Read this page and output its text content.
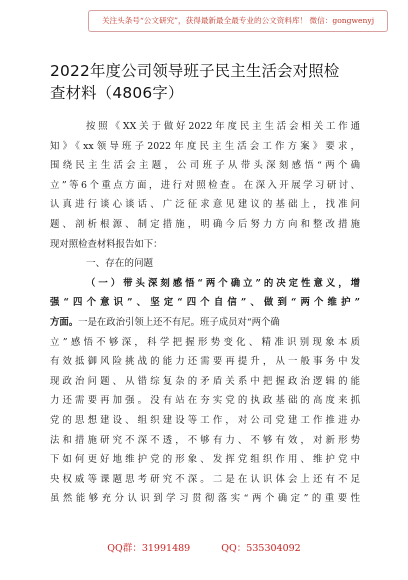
关注头条号“公文研究”，获得最新最全最专业的公文资料库！ 微信：gongwenyj
2022年度公司领导班子民主生活会对照检
查材料（4806字）
按照《XX关于做好2022年度民主生活会相关工作通
知》《xx领导班子2022年度民主生活会工作方案》要求，
围绕民主生活会主题，公司班子从带头深刻感悟“两个确
立”等6个重点方面，进行对照检查。在深入开展学习研讨、
认真进行谈心谈话、广泛征求意见建议的基础上，找准问
题、剖析根源、制定措施，明确今后努力方向和整改措施
现对照检查材料报告如下：
一、存在的问题
（一）带头深刻感悟“两个确立”的决定性意义，增
强“四个意识”、坚定“四个自信”、做到“两个维护”
方面。一是在政治引领上还不有尼。班子成员对“两个确
立”感悟不够深，科学把握形势变化、精准识别现象本质
有效抵御风险挑战的能力还需要再提升，从一般事务中发
现政治问题、从错综复杂的矛盾关系中把握政治逻辑的能
力还需要再加强。没有站在夯实党的执政基础的高度来抓
党的思想建设、组织建设等工作，对公司党建工作推进办
法和措施研究不深不透，不够有力、不够有效，对新形势
下如何更好地维护党的形象、发挥党组织作用、维护党中
央权威等课题思考研究不深。二是在认识体会上还有不足
虽然能够充分认识到学习贯彻落实“两个确定”的重要性
QQ群：31991489	QQ：535304092
